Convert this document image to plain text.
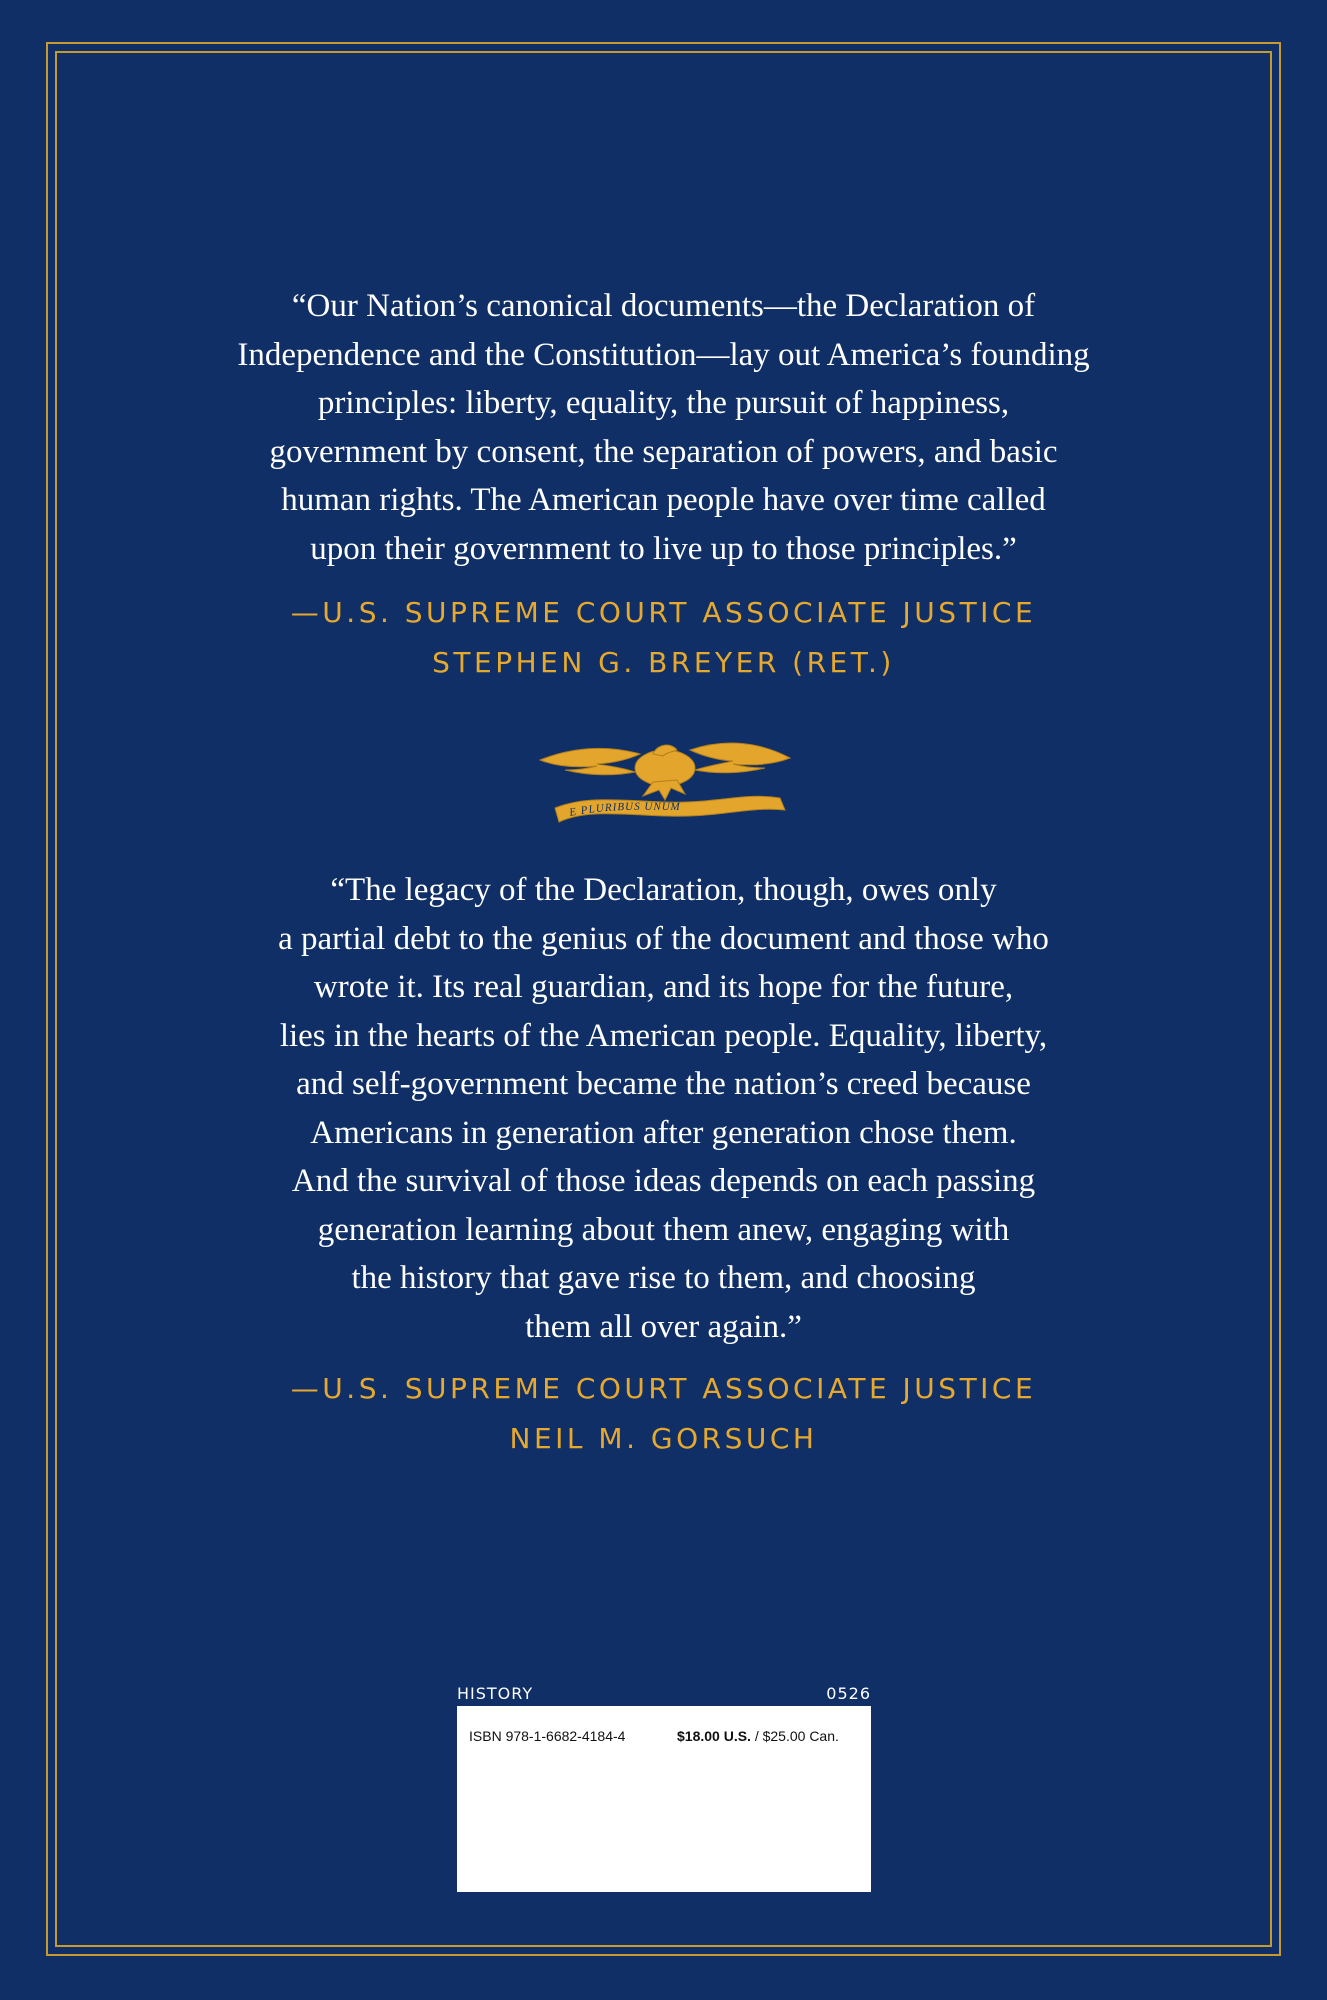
“Our Nation’s canonical documents—the Declaration of
Independence and the Constitution—lay out America’s founding
principles: liberty, equality, the pursuit of happiness,
government by consent, the separation of powers, and basic
human rights. The American people have over time called
upon their government to live up to those principles.”
—U.S. SUPREME COURT ASSOCIATE JUSTICE
STEPHEN G. BREYER (RET.)
E PLURIBUS UNUM
“The legacy of the Declaration, though, owes only
a partial debt to the genius of the document and those who
wrote it. Its real guardian, and its hope for the future,
lies in the hearts of the American people. Equality, liberty,
and self-government became the nation’s creed because
Americans in generation after generation chose them.
And the survival of those ideas depends on each passing
generation learning about them anew, engaging with
the history that gave rise to them, and choosing
them all over again.”
—U.S. SUPREME COURT ASSOCIATE JUSTICE
NEIL M. GORSUCH
HISTORY	0526
ISBN 978-1-6682-4184-4	$18.00 U.S. / $25.00 Can.
